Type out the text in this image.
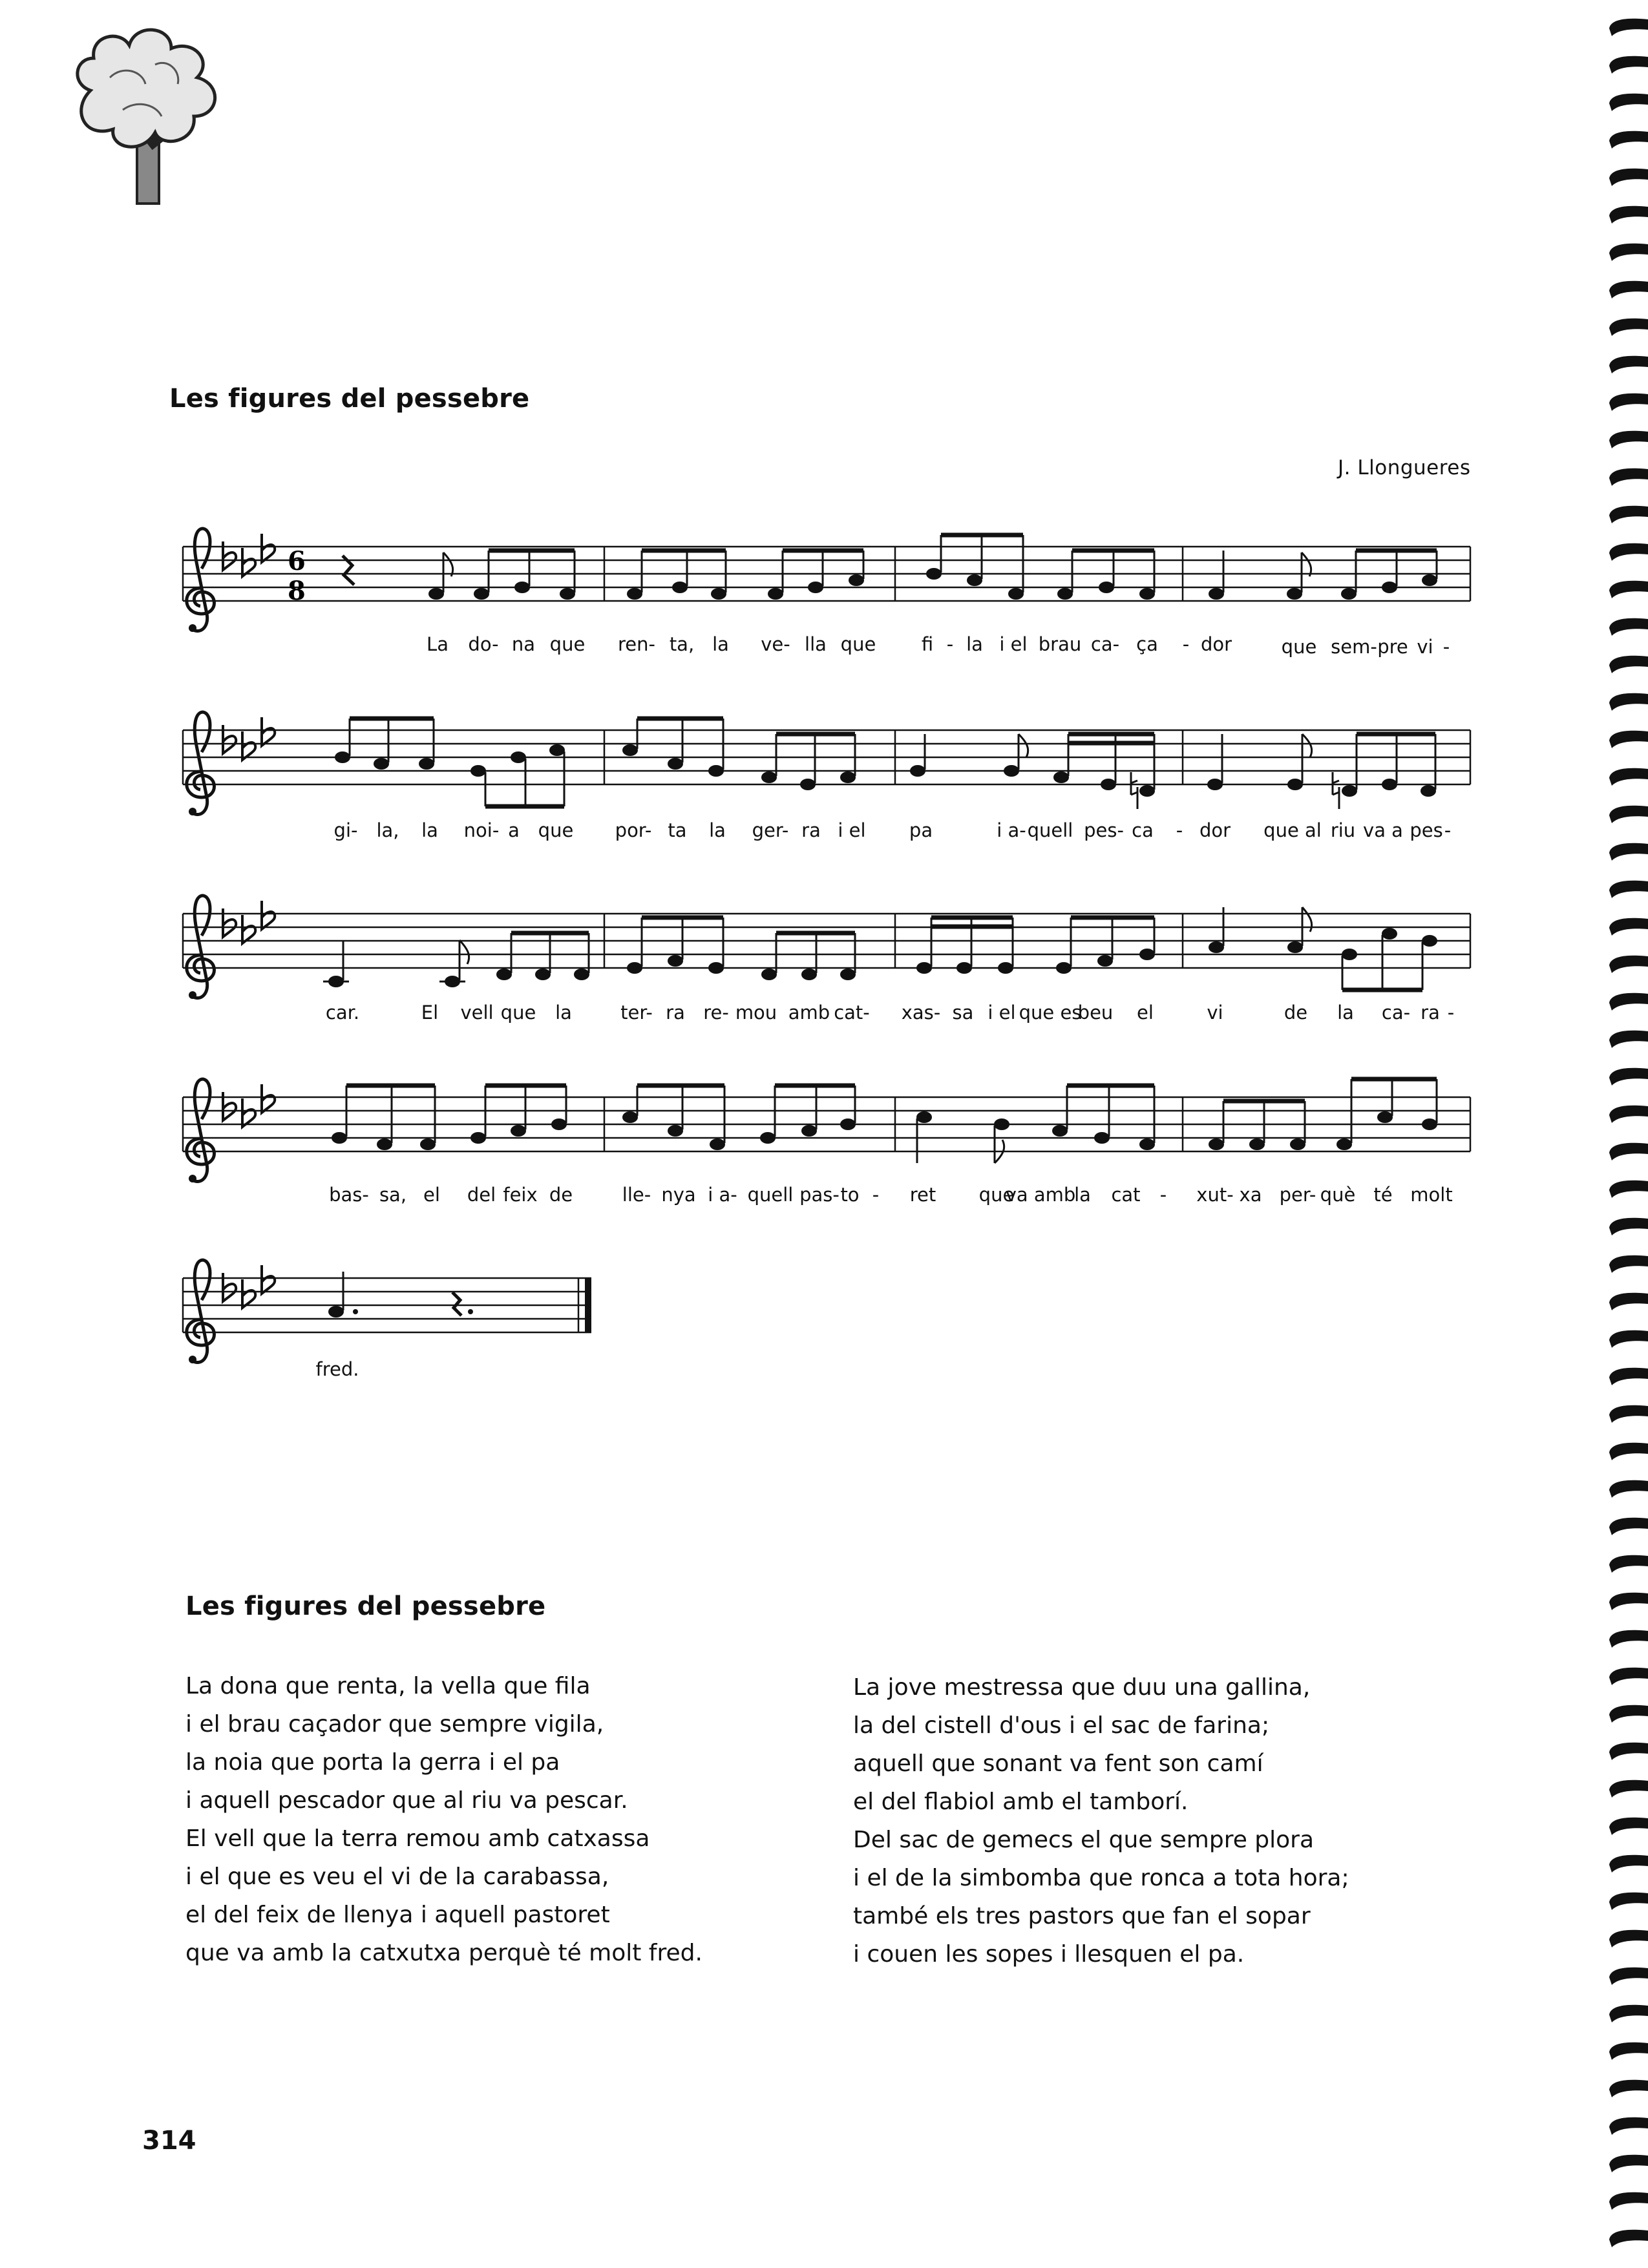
Les figures del pessebre
J. Llongueres
6
8
La do- na que ren- ta, la ve- lla que fi - la i el brau ca- ça - dor	que sem- pre vi -
gi- la, la noi- a que por- ta la ger- ra i el pa	i a- quell pes- ca - dor que al riu va a pes -
car.	El vell que la	ter- ra re- mou amb cat- xas- sa i el que es
beu el	vi	de la ca- ra -
bas- sa, el del feix de	lle- nya i a- quell pas- to - ret que
va amb
la cat - xut- xa per- què té molt
fred.
Les figures del pessebre
La dona que renta, la vella que fila
i el brau caçador que sempre vigila,
la noia que porta la gerra i el pa
i aquell pescador que al riu va pescar.
El vell que la terra remou amb catxassa
i el que es veu el vi de la carabassa,
el del feix de llenya i aquell pastoret
que va amb la catxutxa perquè té molt fred.
La jove mestressa que duu una gallina,
la del cistell d'ous i el sac de farina;
aquell que sonant va fent son camí
el del flabiol amb el tamborí.
Del sac de gemecs el que sempre plora
i el de la simbomba que ronca a tota hora;
també els tres pastors que fan el sopar
i couen les sopes i llesquen el pa.
314
